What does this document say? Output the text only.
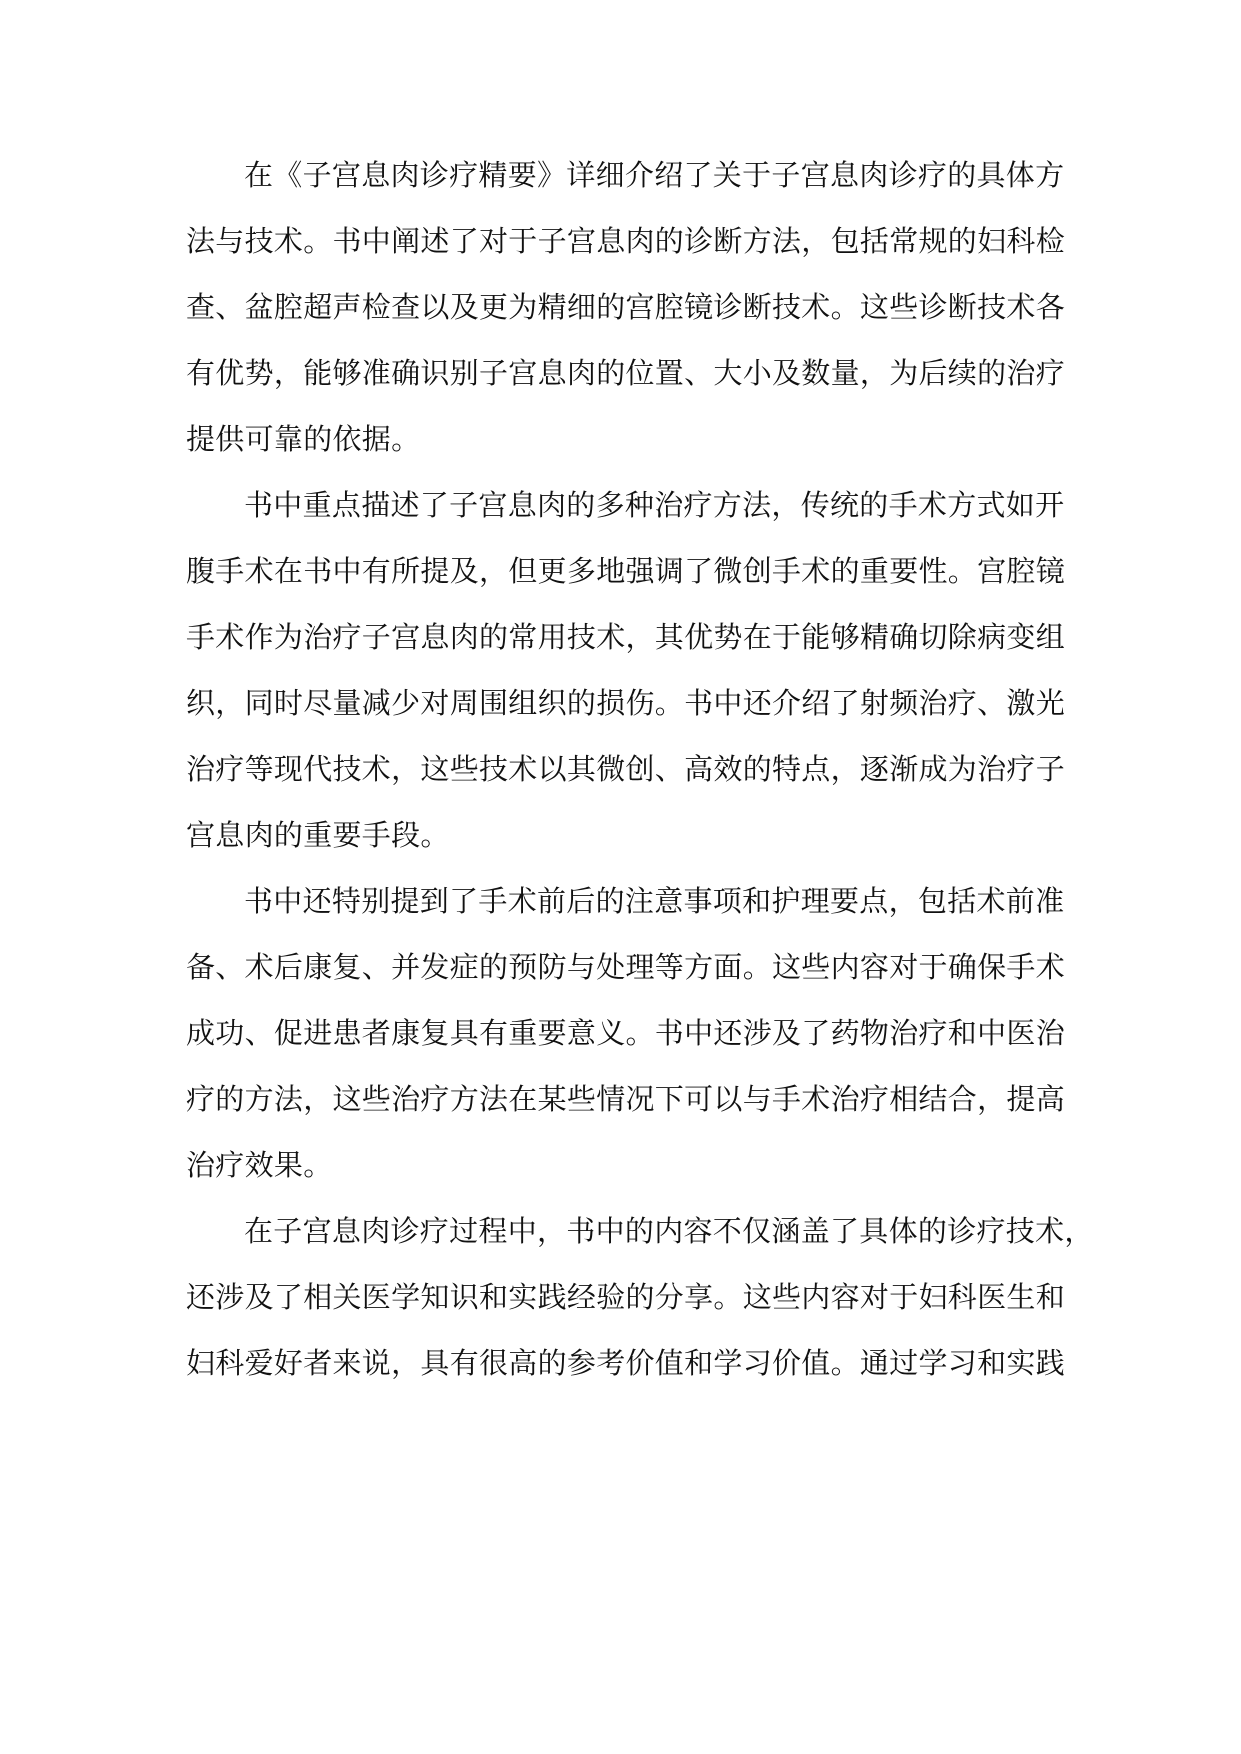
在《子宫息肉诊疗精要》详细介绍了关于子宫息肉诊疗的具体方
法与技术。书中阐述了对于子宫息肉的诊断方法，包括常规的妇科检
查、盆腔超声检查以及更为精细的宫腔镜诊断技术。这些诊断技术各
有优势，能够准确识别子宫息肉的位置、大小及数量，为后续的治疗
提供可靠的依据。
书中重点描述了子宫息肉的多种治疗方法，传统的手术方式如开
腹手术在书中有所提及，但更多地强调了微创手术的重要性。宫腔镜
手术作为治疗子宫息肉的常用技术，其优势在于能够精确切除病变组
织，同时尽量减少对周围组织的损伤。书中还介绍了射频治疗、激光
治疗等现代技术，这些技术以其微创、高效的特点，逐渐成为治疗子
宫息肉的重要手段。
书中还特别提到了手术前后的注意事项和护理要点，包括术前准
备、术后康复、并发症的预防与处理等方面。这些内容对于确保手术
成功、促进患者康复具有重要意义。书中还涉及了药物治疗和中医治
疗的方法，这些治疗方法在某些情况下可以与手术治疗相结合，提高
治疗效果。
在子宫息肉诊疗过程中，书中的内容不仅涵盖了具体的诊疗技术，
还涉及了相关医学知识和实践经验的分享。这些内容对于妇科医生和
妇科爱好者来说，具有很高的参考价值和学习价值。通过学习和实践
